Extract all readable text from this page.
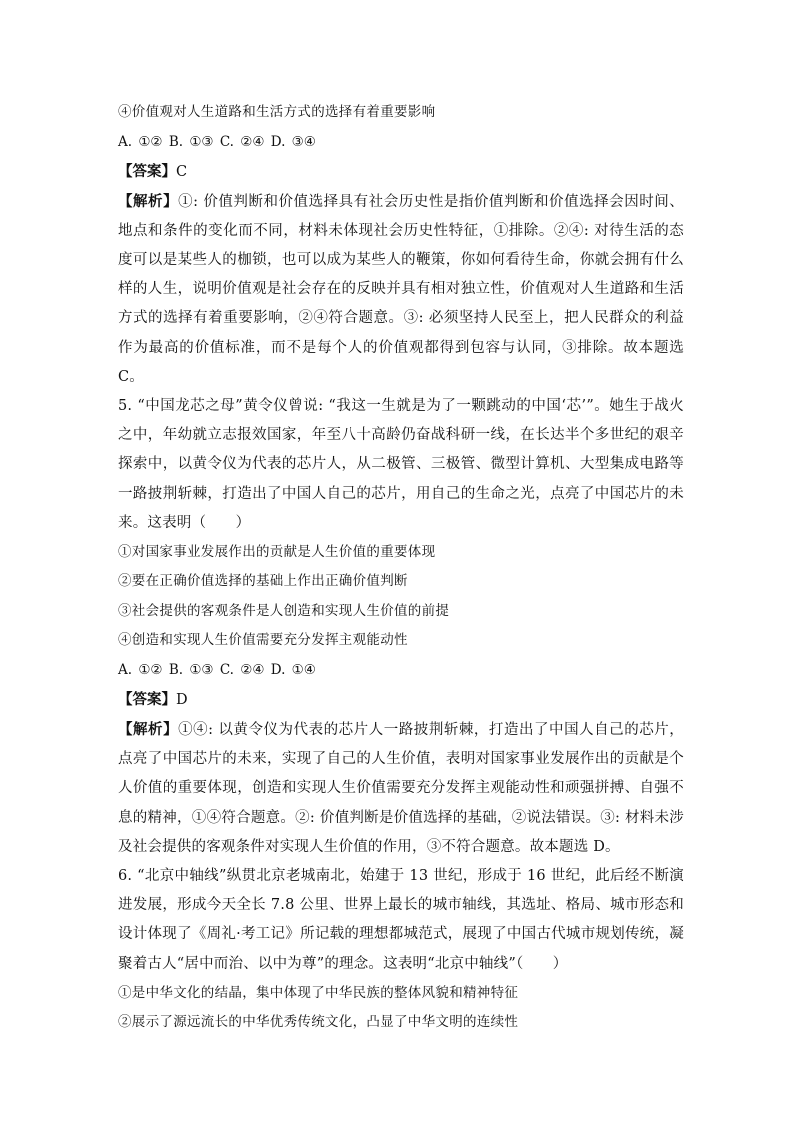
④价值观对人生道路和生活方式的选择有着重要影响
A. ①② B. ①③ C. ②④ D. ③④
【答案】C
【解析】①: 价值判断和价值选择具有社会历史性是指价值判断和价值选择会因时间、地点和条件的变化而不同，材料未体现社会历史性特征，①排除。②④: 对待生活的态度可以是某些人的枷锁，也可以成为某些人的鞭策，你如何看待生命，你就会拥有什么样的人生，说明价值观是社会存在的反映并具有相对独立性，价值观对人生道路和生活方式的选择有着重要影响，②④符合题意。③: 必须坚持人民至上，把人民群众的利益作为最高的价值标准，而不是每个人的价值观都得到包容与认同，③排除。故本题选 C。
5. “中国龙芯之母”黄令仪曾说: “我这一生就是为了一颗跳动的中国‘芯’”。她生于战火之中，年幼就立志报效国家，年至八十高龄仍奋战科研一线，在长达半个多世纪的艰辛探索中，以黄令仪为代表的芯片人，从二极管、三极管、微型计算机、大型集成电路等一路披荆斩棘，打造出了中国人自己的芯片，用自己的生命之光，点亮了中国芯片的未来。这表明（　　）
①对国家事业发展作出的贡献是人生价值的重要体现
②要在正确价值选择的基础上作出正确价值判断
③社会提供的客观条件是人创造和实现人生价值的前提
④创造和实现人生价值需要充分发挥主观能动性
A. ①② B. ①③ C. ②④ D. ①④
【答案】D
【解析】①④: 以黄令仪为代表的芯片人一路披荆斩棘，打造出了中国人自己的芯片，点亮了中国芯片的未来，实现了自己的人生价值，表明对国家事业发展作出的贡献是个人价值的重要体现，创造和实现人生价值需要充分发挥主观能动性和顽强拼搏、自强不息的精神，①④符合题意。②: 价值判断是价值选择的基础，②说法错误。③: 材料未涉及社会提供的客观条件对实现人生价值的作用，③不符合题意。故本题选 D。
6. “北京中轴线”纵贯北京老城南北，始建于 13 世纪，形成于 16 世纪，此后经不断演进发展，形成今天全长 7.8 公里、世界上最长的城市轴线，其选址、格局、城市形态和设计体现了《周礼·考工记》所记载的理想都城范式，展现了中国古代城市规划传统，凝聚着古人“居中而治、以中为尊”的理念。这表明“北京中轴线”（　　）
①是中华文化的结晶，集中体现了中华民族的整体风貌和精神特征
②展示了源远流长的中华优秀传统文化，凸显了中华文明的连续性
